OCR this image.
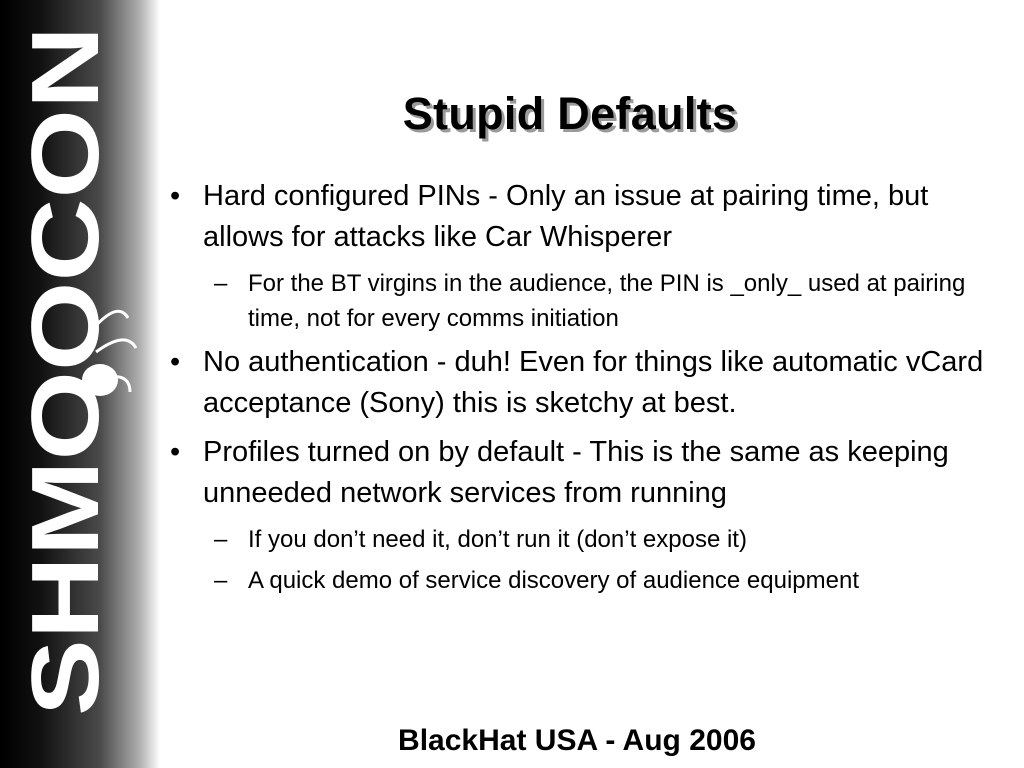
SHMOOCON
Stupid Defaults
• Hard configured PINs - Only an issue at pairing time, but allows for attacks like Car Whisperer
– For the BT virgins in the audience, the PIN is _only_ used at pairing time, not for every comms initiation
• No authentication - duh! Even for things like automatic vCard acceptance (Sony) this is sketchy at best.
• Profiles turned on by default - This is the same as keeping unneeded network services from running
– If you don’t need it, don’t run it (don’t expose it)
– A quick demo of service discovery of audience equipment
BlackHat USA - Aug 2006
